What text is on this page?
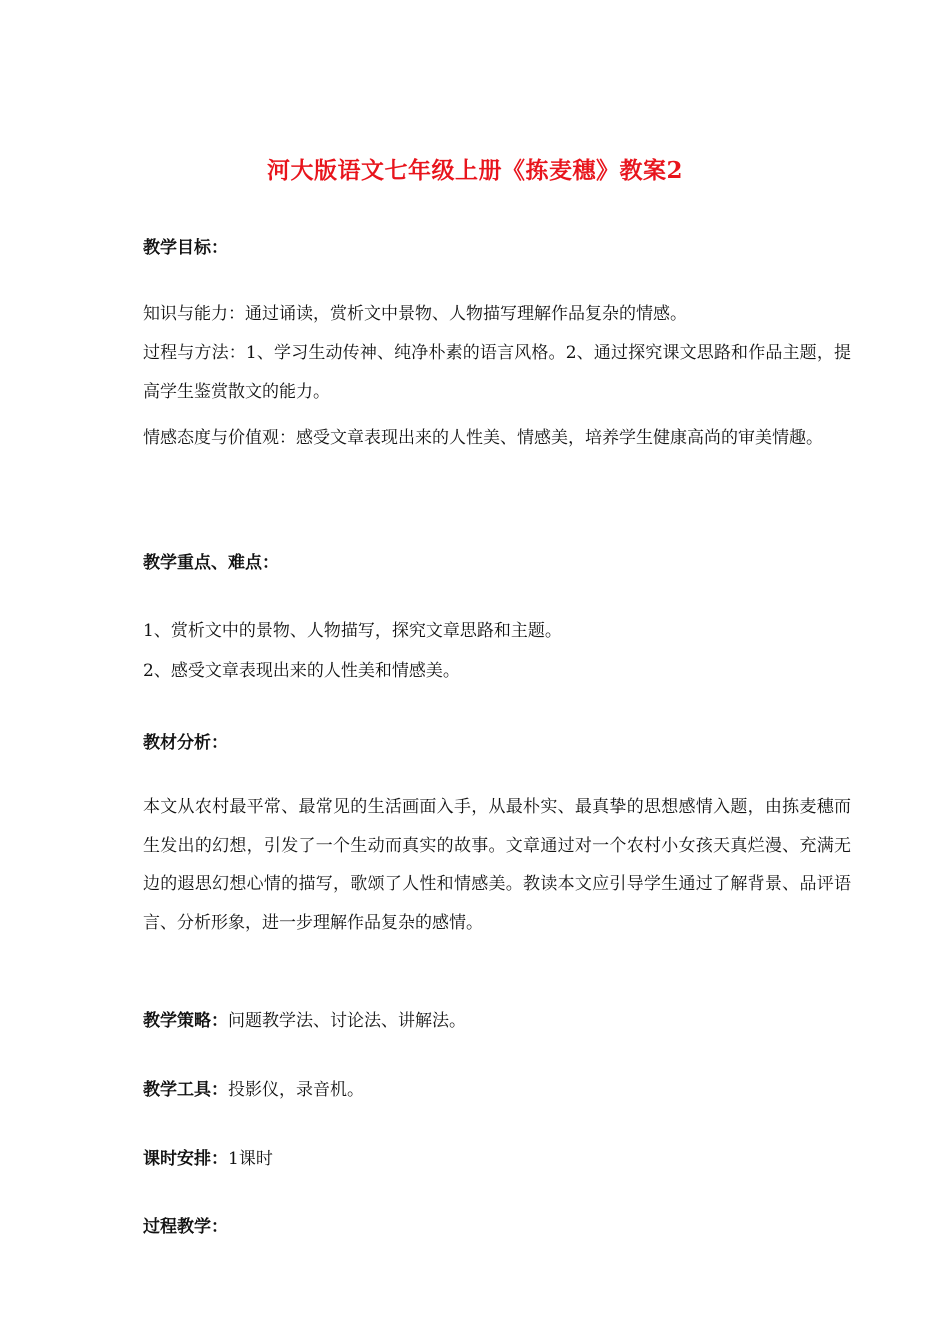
河大版语文七年级上册《拣麦穗》教案2
教学目标：
知识与能力：通过诵读，赏析文中景物、人物描写理解作品复杂的情感。
过程与方法：1、学习生动传神、纯净朴素的语言风格。2、通过探究课文思路和作品主题，提高学生鉴赏散文的能力。
情感态度与价值观：感受文章表现出来的人性美、情感美，培养学生健康高尚的审美情趣。
教学重点、难点：
1、赏析文中的景物、人物描写，探究文章思路和主题。
2、感受文章表现出来的人性美和情感美。
教材分析：
本文从农村最平常、最常见的生活画面入手，从最朴实、最真挚的思想感情入题，由拣麦穗而生发出的幻想，引发了一个生动而真实的故事。文章通过对一个农村小女孩天真烂漫、充满无边的遐思幻想心情的描写，歌颂了人性和情感美。教读本文应引导学生通过了解背景、品评语言、分析形象，进一步理解作品复杂的感情。
教学策略：问题教学法、讨论法、讲解法。
教学工具：投影仪，录音机。
课时安排：1课时
过程教学：
